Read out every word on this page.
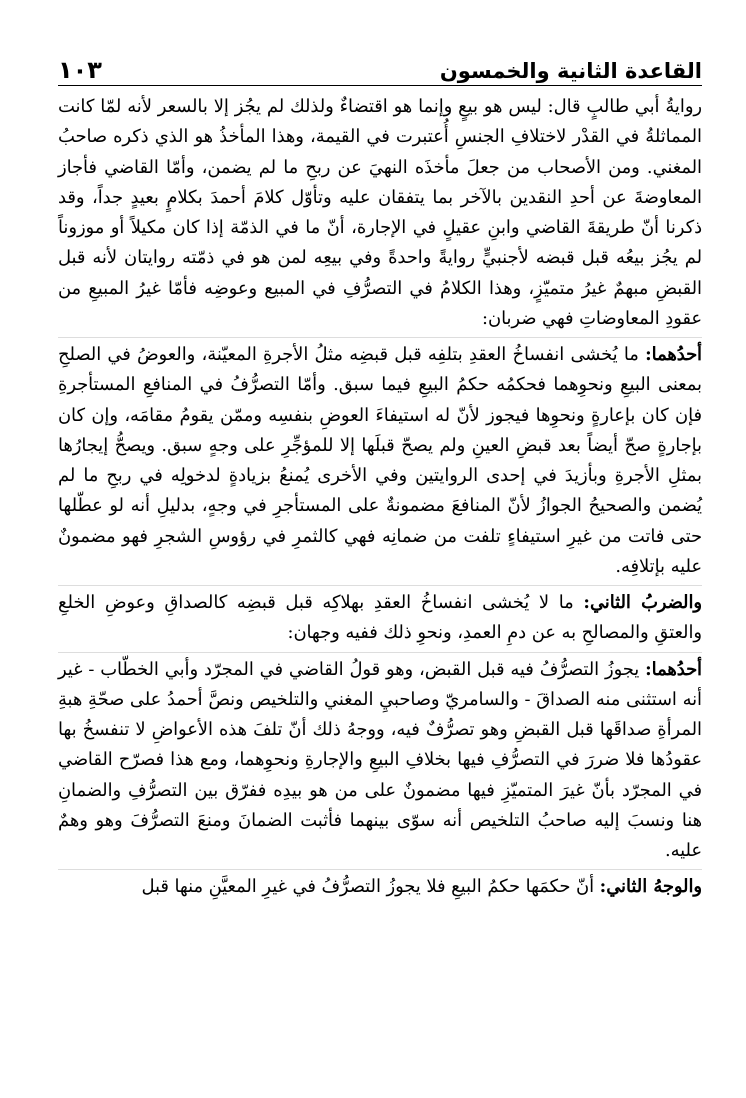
القاعدة الثانية والخمسون
١٠٣

روايةُ أبي طالبٍ قال: ليس هو بيعٍ وإنما هو اقتضاءٌ ولذلك لم يجُز إلا بالسعر لأنه لمّا كانت المماثلةُ في القدْر لاختلافِ الجنسِ أُعتبرت في القيمة، وهذا المأخذُ هو الذي ذكره صاحبُ المغني. ومن الأصحاب من جعلَ مأخذَه النهيَ عن ربحِ ما لم يضمن، وأمّا القاضي فأجاز المعاوضةَ عن أحدِ النقدين بالآخر بما يتفقان عليه وتأوّل كلامَ أحمدَ بكلامٍ بعيدٍ جداً، وقد ذكرنا أنّ طريقةَ القاضي وابنِ عقيلٍ في الإجارة، أنّ ما في الذمّة إذا كان مكيلاً أو موزوناً لم يجُز بيعُه قبل قبضه لأجنبيٍّ روايةً واحدةً وفي بيعِه لمن هو في ذمّته روايتان لأنه قبل القبضِ مبهمٌ غيرُ متميّزٍ، وهذا الكلامُ في التصرُّفِ في المبيع وعوضِه فأمّا غيرُ المبيعِ من عقودِ المعاوضاتِ فهي ضربان:

أحدُهما: ما يُخشى انفساخُ العقدِ بتلفِه قبل قبضِه مثلُ الأجرةِ المعيّنة، والعوضُ في الصلحِ بمعنى البيعِ ونحوِهما فحكمُه حكمُ البيعِ فيما سبق. وأمّا التصرُّفُ في المنافعِ المستأجرةِ فإن كان بإعارةٍ ونحوِها فيجوز لأنّ له استيفاءَ العوضِ بنفسِه وممّن يقومُ مقامَه، وإن كان بإجارةٍ صحّ أيضاً بعد قبضِ العينِ ولم يصحّ قبلَها إلا للمؤجِّرِ على وجهٍ سبق. ويصحُّ إيجارُها بمثلِ الأجرةِ وبأزيدَ في إحدى الروايتين وفي الأخرى يُمنعُ بزيادةٍ لدخولِه في ربحِ ما لم يُضمن والصحيحُ الجوازُ لأنّ المنافعَ مضمونةٌ على المستأجرِ في وجهٍ، بدليلِ أنه لو عطّلها حتى فاتت من غيرِ استيفاءٍ تلفت من ضمانِه فهي كالثمرِ في رؤوسِ الشجرِ فهو مضمونٌ عليه بإتلافِه.

والضربُ الثاني: ما لا يُخشى انفساخُ العقدِ بهلاكِه قبل قبضِه كالصداقِ وعوضِ الخلعِ والعتقِ والمصالحِ به عن دمِ العمدِ، ونحوِ ذلك ففيه وجهان:

أحدُهما: يجوزُ التصرُّفُ فيه قبل القبض، وهو قولُ القاضي في المجرّد وأبي الخطّاب - غير أنه استثنى منه الصداقَ - والسامريّ وصاحبيِ المغني والتلخيص ونصَّ أحمدُ على صحّةِ هبةِ المرأةِ صداقَها قبل القبضِ وهو تصرُّفٌ فيه، ووجهُ ذلك أنّ تلفَ هذه الأعواضِ لا تنفسخُ بها عقودُها فلا ضررَ في التصرُّفِ فيها بخلافِ البيعِ والإجارةِ ونحوِهما، ومع هذا فصرّح القاضي في المجرّد بأنّ غيرَ المتميّزِ فيها مضمونٌ على من هو بيدِه ففرّق بين التصرُّفِ والضمانِ هنا ونسبَ إليه صاحبُ التلخيص أنه سوّى بينهما فأثبت الضمانَ ومنعَ التصرُّفَ وهو وهمٌ عليه.

والوجهُ الثاني: أنّ حكمَها حكمُ البيعِ فلا يجوزُ التصرُّفُ في غيرِ المعيَّنِ منها قبل
